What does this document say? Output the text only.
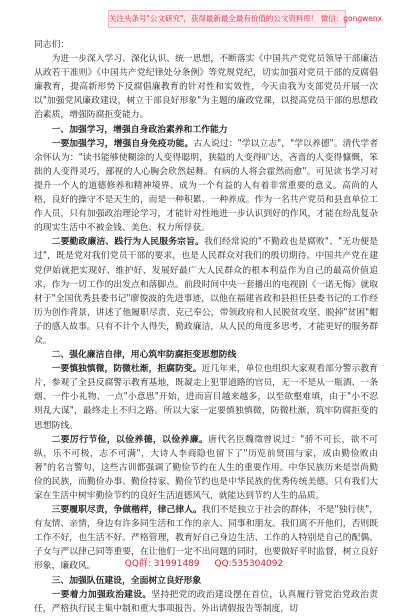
关注头条号"公文研究"，获得最新最全最有价值的公文资料库！ 微信：gongwenx

同志们：

为进一步深入学习、深化认识、统一思想，不断落实《中国共产党党员领导干部廉洁从政若干准则》《中国共产党纪律处分条例》等党规党纪，切实加强对党员干部的反腐倡廉教育，提高新形势下反腐倡廉教育的针对性和实效性，今天由我为支部党员开展一次以"加强党风廉政建设，树立干部良好形象"为主题的廉政党课，以提高党员干部的思想政治素质，增强防腐拒变能力。

一、加强学习，增强自身政治素养和工作能力

一要加强学习，增强自身免疫功能。古人说过："学以立志"，"学以养德"。清代学者余怀认为："读书能够使糊涂的人变得聪明，狭隘的人变得旷达，吝啬的人变得慷慨，笨拙的人变得灵巧，鄙视的人心胸会欣然起舞。有病的人将会霍然而愈"。可见读书学习对提升一个人的道德修养和精神境界、成为一个有益的人有着非常重要的意义。高尚的人格，良好的操守不是天生的，而是一种积累、一种养成。作为一名共产党员和县直单位工作人员，只有加强政治理论学习，才能针对性地进一步认识到好的作风，才能在纷乱复杂的现实生活中不被金钱、美色、权力所俘获。

二要勤政廉洁、践行为人民服务宗旨。我们经常说的"不勤政也是腐败"、"无功便是过"，既是党对我们党员干部的要求，也是人民群众对我们的殷切期待。中国共产党在建党伊始就把实现好、维护好、发展好最广大人民群众的根本利益作为自己的最高价值追求，作为一切工作的出发点和落脚点。前段时间中央一套播出的电视剧《一诺无悔》就取材于"全国优秀县委书记"廖俊波的先进事迹，以他在福建省政和县担任县委书记的工作经历为创作背景，讲述了他履职尽责、克己奉公，带领政府和人民脱贫攻坚、脱掉"贫困"帽子的感人故事。只有不计个人得失，勤政廉洁，从人民的角度多思考，才能更好的服务群众。

二、强化廉洁自律，用心筑牢防腐拒变思想防线

一要慎独慎微，防微杜渐，拒腐防变。近几年来，单位也组织大家观看部分警示教育片，参观了全县反腐警示教育基地，既凝走上犯罪道路的官员，无一不是从一瓶酒、一条烟、一件小礼物、一点"小意思"开始，进而盲目越来越多，以至欲壑难填，由于"小不忍则乱大谋"，最终走上不归之路。所以大家一定要慎独慎微，防微杜渐，筑牢防腐拒变的思想防线。

二要厉行节俭，以俭养德，以俭养廉。唐代名臣魏徵曾说过："骄不可长，欲不可纵，乐不可极，志不可满"，大诗人李商隐也留下了"历览前贤国与家，成由勤俭败由奢"的名言警句，这些古训都强调了勤俭节约在人生的重要作用。中华民族历来是崇尚勤俭的民族，而勤俭办事、勤俭持家、勤俭节约也是中华民族的优秀传统美德。只有我们大家在生活中树牢勤俭节约的良好生活道德风气，就能达到节约人生的品质。

三要履职尽责，争做楷样，律己律人。我们不是独立于社会的群体，不是"独行侠"，有友情、亲情，身边有许多同生活和工作的亲人、同事和朋友。我们离不开他们，否则既工作不好，也生活不好。严格管理，教育好自己身边生活、工作的人特别是自己的配偶、子女与严以律己同等重要，在让他们一定不出问题的同时，也要做好平时监督，树立良好形象，廉政风。

三、加强队伍建设，全面树立良好形象

一要着力加强政治建设。坚持把党的政治建设摆在首位，认真履行管党治党政治责任，严格执行民主集中制和重大事项报告、外出请假报告等制度，切

QQ群: 31991489 QQ:535304092
